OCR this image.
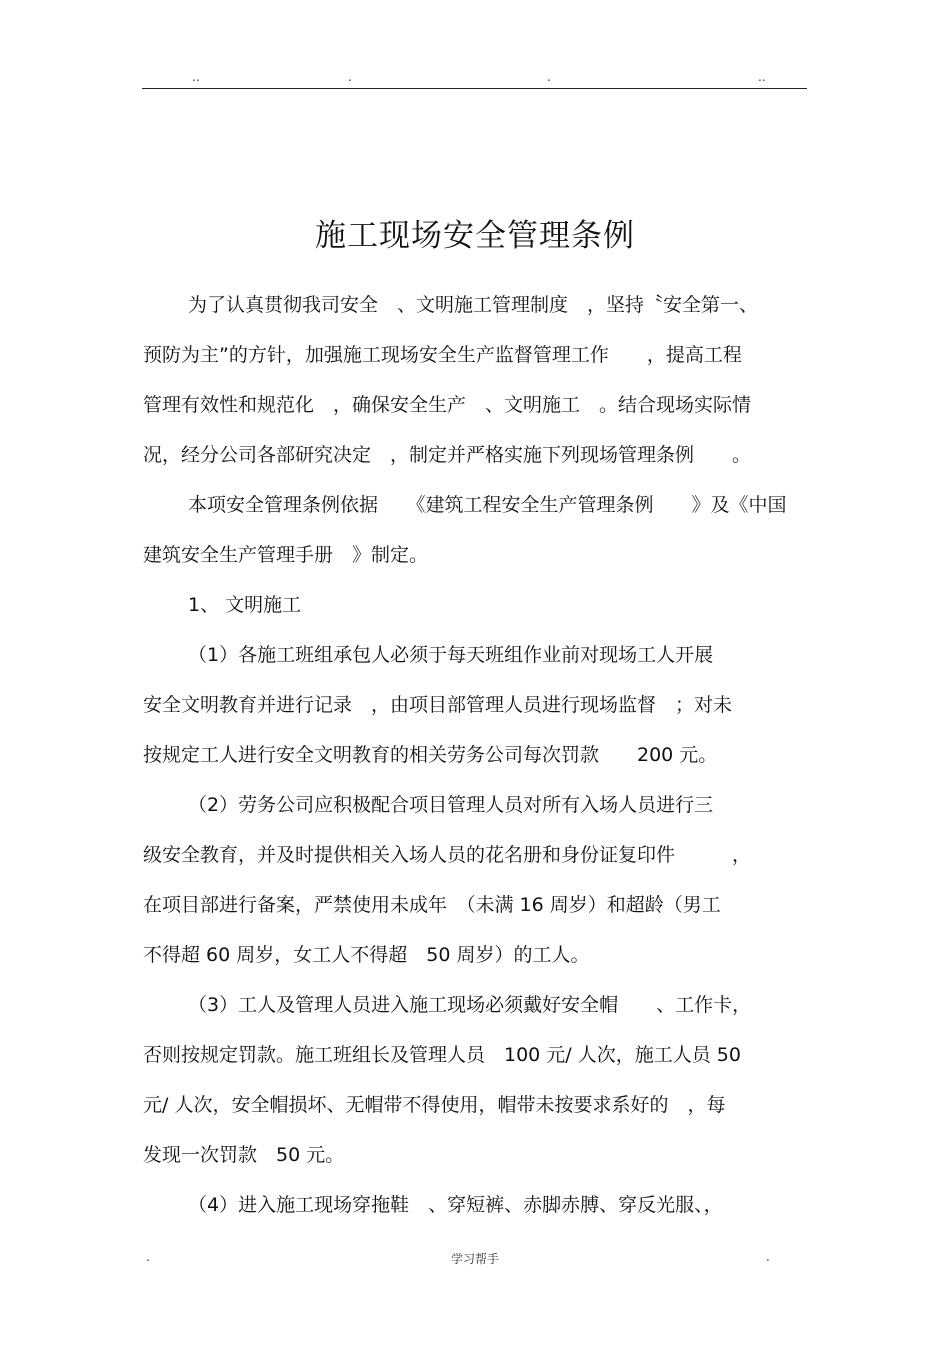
..	.	.	..
施工现场安全管理条例
为了认真贯彻我司安全　、文明施工管理制度　，坚持〝安全第一、
预防为主”的方针，加强施工现场安全生产监督管理工作　　，提高工程
管理有效性和规范化　，确保安全生产　、文明施工　。结合现场实际情
况，经分公司各部研究决定　，制定并严格实施下列现场管理条例　　。
本项安全管理条例依据　　《建筑工程安全生产管理条例　　》及《中国
建筑安全生产管理手册　》制定。
1、 文明施工
（1）各施工班组承包人必须于每天班组作业前对现场工人开展
安全文明教育并进行记录　，由项目部管理人员进行现场监督　；对未
按规定工人进行安全文明教育的相关劳务公司每次罚款　　200 元。
（2）劳务公司应积极配合项目管理人员对所有入场人员进行三
级安全教育，并及时提供相关入场人员的花名册和身份证复印件　　　，
在项目部进行备案，严禁使用未成年　（未满 16 周岁）和超龄（男工
不得超 60 周岁，女工人不得超　50 周岁）的工人。
（3）工人及管理人员进入施工现场必须戴好安全帽　　、工作卡，
否则按规定罚款。施工班组长及管理人员　100 元/ 人次，施工人员 50
元/ 人次，安全帽损坏、无帽带不得使用，帽带未按要求系好的　，每
发现一次罚款　50 元。
（4）进入施工现场穿拖鞋　、穿短裤、赤脚赤膊、穿反光服、，
.	学习帮手	.
